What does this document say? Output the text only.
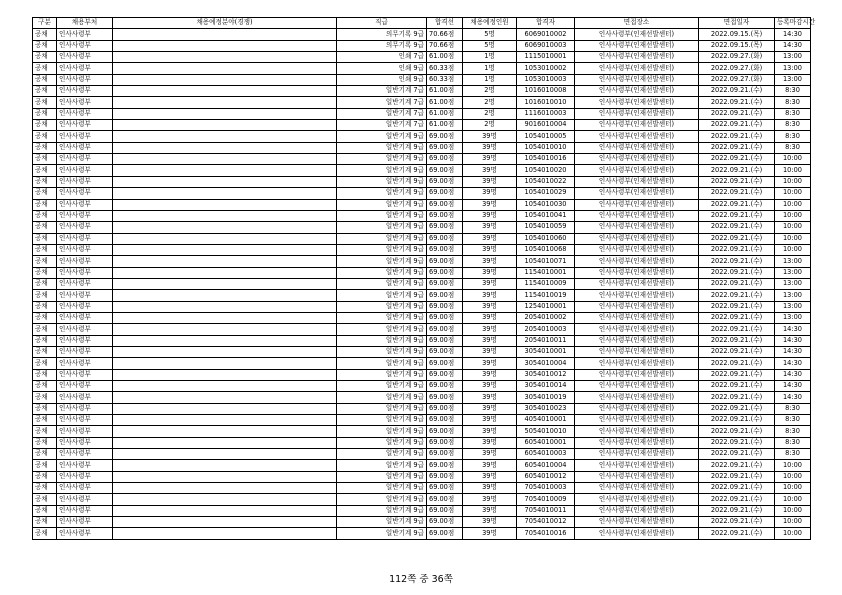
구분	채용부처	채용예정분야(경쟁)	직급	합격선	채용예정인원	합격자	면접장소	면접일자	등록마감시간
공채	인사사령부		의무기록 9급	70.66점	5명	6069010002	인사사령부(인재선발센터)	2022.09.15.(목)	14:30
공채	인사사령부		의무기록 9급	70.66점	5명	6069010003	인사사령부(인재선발센터)	2022.09.15.(목)	14:30
공채	인사사령부		인쇄 7급	61.00점	1명	1115010001	인사사령부(인재선발센터)	2022.09.27.(화)	13:00
공채	인사사령부		인쇄 9급	60.33점	1명	1053010002	인사사령부(인재선발센터)	2022.09.27.(화)	13:00
공채	인사사령부		인쇄 9급	60.33점	1명	1053010003	인사사령부(인재선발센터)	2022.09.27.(화)	13:00
공채	인사사령부		일반기계 7급	61.00점	2명	1016010008	인사사령부(인재선발센터)	2022.09.21.(수)	8:30
공채	인사사령부		일반기계 7급	61.00점	2명	1016010010	인사사령부(인재선발센터)	2022.09.21.(수)	8:30
공채	인사사령부		일반기계 7급	61.00점	2명	1116010003	인사사령부(인재선발센터)	2022.09.21.(수)	8:30
공채	인사사령부		일반기계 7급	61.00점	2명	9016010004	인사사령부(인재선발센터)	2022.09.21.(수)	8:30
공채	인사사령부		일반기계 9급	69.00점	39명	1054010005	인사사령부(인재선발센터)	2022.09.21.(수)	8:30
공채	인사사령부		일반기계 9급	69.00점	39명	1054010010	인사사령부(인재선발센터)	2022.09.21.(수)	8:30
공채	인사사령부		일반기계 9급	69.00점	39명	1054010016	인사사령부(인재선발센터)	2022.09.21.(수)	10:00
공채	인사사령부		일반기계 9급	69.00점	39명	1054010020	인사사령부(인재선발센터)	2022.09.21.(수)	10:00
공채	인사사령부		일반기계 9급	69.00점	39명	1054010022	인사사령부(인재선발센터)	2022.09.21.(수)	10:00
공채	인사사령부		일반기계 9급	69.00점	39명	1054010029	인사사령부(인재선발센터)	2022.09.21.(수)	10:00
공채	인사사령부		일반기계 9급	69.00점	39명	1054010030	인사사령부(인재선발센터)	2022.09.21.(수)	10:00
공채	인사사령부		일반기계 9급	69.00점	39명	1054010041	인사사령부(인재선발센터)	2022.09.21.(수)	10:00
공채	인사사령부		일반기계 9급	69.00점	39명	1054010059	인사사령부(인재선발센터)	2022.09.21.(수)	10:00
공채	인사사령부		일반기계 9급	69.00점	39명	1054010060	인사사령부(인재선발센터)	2022.09.21.(수)	10:00
공채	인사사령부		일반기계 9급	69.00점	39명	1054010068	인사사령부(인재선발센터)	2022.09.21.(수)	10:00
공채	인사사령부		일반기계 9급	69.00점	39명	1054010071	인사사령부(인재선발센터)	2022.09.21.(수)	13:00
공채	인사사령부		일반기계 9급	69.00점	39명	1154010001	인사사령부(인재선발센터)	2022.09.21.(수)	13:00
공채	인사사령부		일반기계 9급	69.00점	39명	1154010009	인사사령부(인재선발센터)	2022.09.21.(수)	13:00
공채	인사사령부		일반기계 9급	69.00점	39명	1154010019	인사사령부(인재선발센터)	2022.09.21.(수)	13:00
공채	인사사령부		일반기계 9급	69.00점	39명	1254010001	인사사령부(인재선발센터)	2022.09.21.(수)	13:00
공채	인사사령부		일반기계 9급	69.00점	39명	2054010002	인사사령부(인재선발센터)	2022.09.21.(수)	13:00
공채	인사사령부		일반기계 9급	69.00점	39명	2054010003	인사사령부(인재선발센터)	2022.09.21.(수)	14:30
공채	인사사령부		일반기계 9급	69.00점	39명	2054010011	인사사령부(인재선발센터)	2022.09.21.(수)	14:30
공채	인사사령부		일반기계 9급	69.00점	39명	3054010001	인사사령부(인재선발센터)	2022.09.21.(수)	14:30
공채	인사사령부		일반기계 9급	69.00점	39명	3054010004	인사사령부(인재선발센터)	2022.09.21.(수)	14:30
공채	인사사령부		일반기계 9급	69.00점	39명	3054010012	인사사령부(인재선발센터)	2022.09.21.(수)	14:30
공채	인사사령부		일반기계 9급	69.00점	39명	3054010014	인사사령부(인재선발센터)	2022.09.21.(수)	14:30
공채	인사사령부		일반기계 9급	69.00점	39명	3054010019	인사사령부(인재선발센터)	2022.09.21.(수)	14:30
공채	인사사령부		일반기계 9급	69.00점	39명	3054010023	인사사령부(인재선발센터)	2022.09.21.(수)	8:30
공채	인사사령부		일반기계 9급	69.00점	39명	4054010001	인사사령부(인재선발센터)	2022.09.21.(수)	8:30
공채	인사사령부		일반기계 9급	69.00점	39명	5054010010	인사사령부(인재선발센터)	2022.09.21.(수)	8:30
공채	인사사령부		일반기계 9급	69.00점	39명	6054010001	인사사령부(인재선발센터)	2022.09.21.(수)	8:30
공채	인사사령부		일반기계 9급	69.00점	39명	6054010003	인사사령부(인재선발센터)	2022.09.21.(수)	8:30
공채	인사사령부		일반기계 9급	69.00점	39명	6054010004	인사사령부(인재선발센터)	2022.09.21.(수)	10:00
공채	인사사령부		일반기계 9급	69.00점	39명	6054010012	인사사령부(인재선발센터)	2022.09.21.(수)	10:00
공채	인사사령부		일반기계 9급	69.00점	39명	7054010003	인사사령부(인재선발센터)	2022.09.21.(수)	10:00
공채	인사사령부		일반기계 9급	69.00점	39명	7054010009	인사사령부(인재선발센터)	2022.09.21.(수)	10:00
공채	인사사령부		일반기계 9급	69.00점	39명	7054010011	인사사령부(인재선발센터)	2022.09.21.(수)	10:00
공채	인사사령부		일반기계 9급	69.00점	39명	7054010012	인사사령부(인재선발센터)	2022.09.21.(수)	10:00
공채	인사사령부		일반기계 9급	69.00점	39명	7054010016	인사사령부(인재선발센터)	2022.09.21.(수)	10:00
112쪽 중 36쪽
